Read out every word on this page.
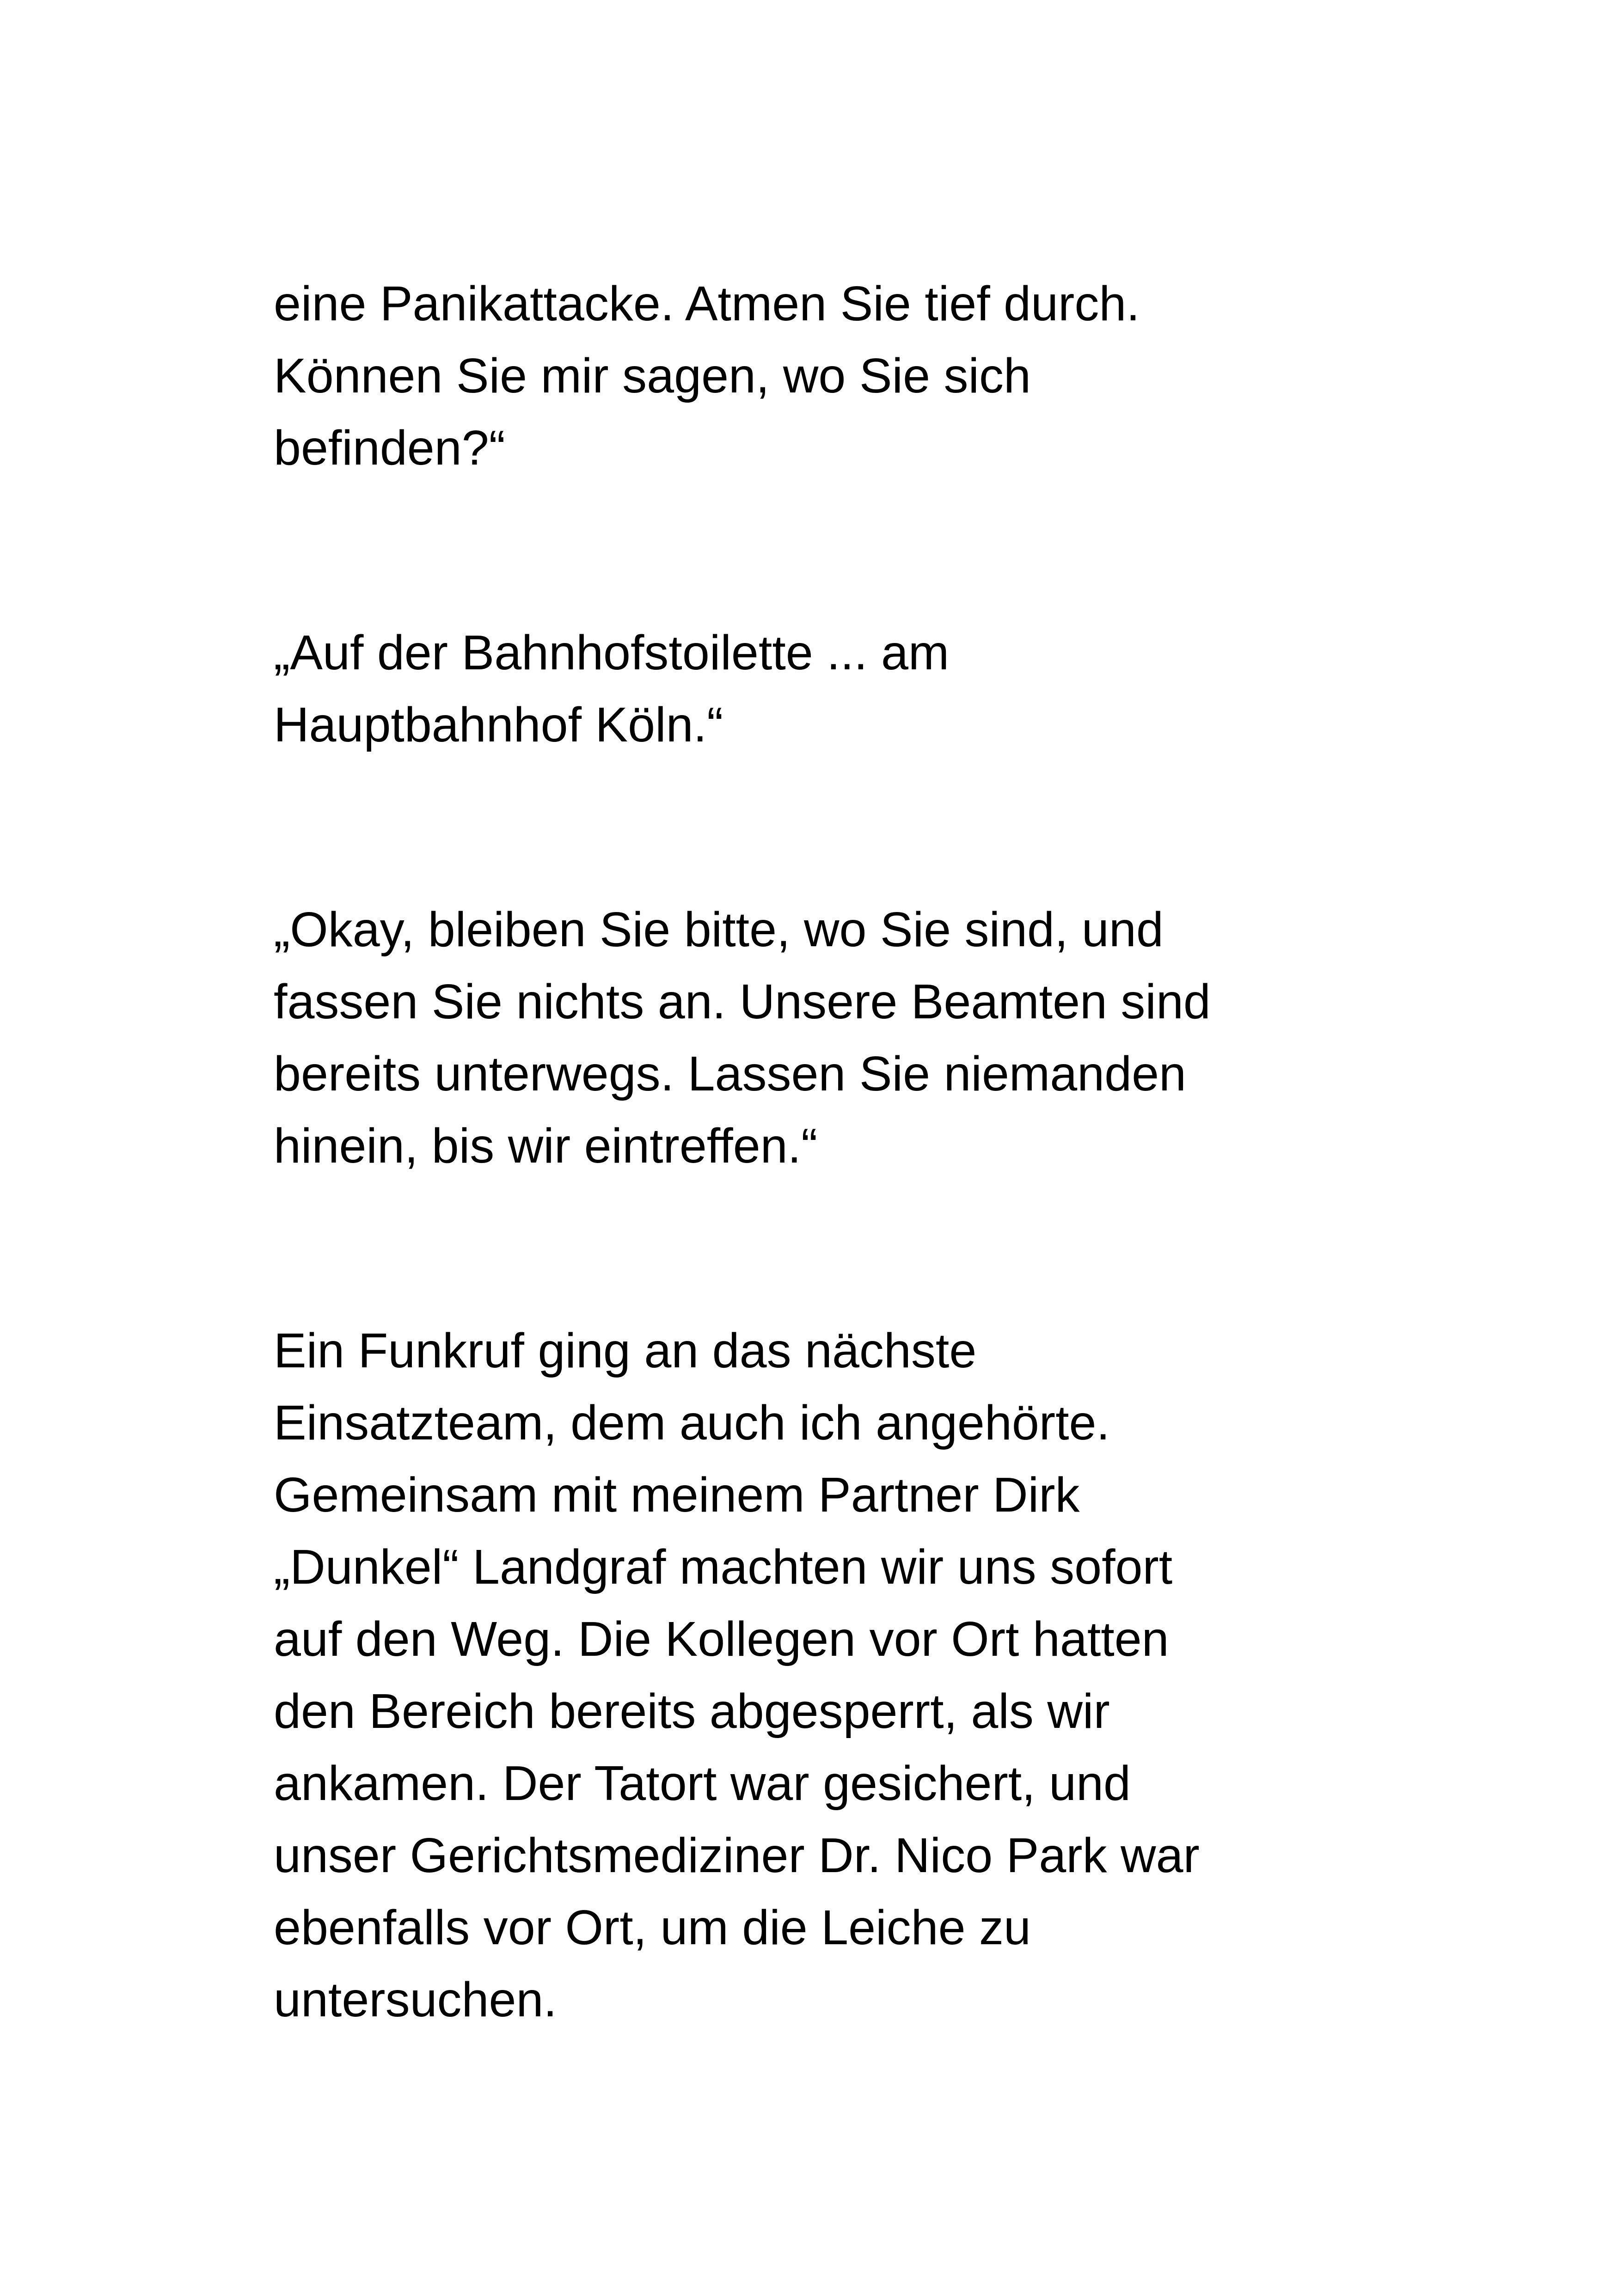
eine Panikattacke. Atmen Sie tief durch.

Können Sie mir sagen, wo Sie sich

befinden?“

„Auf der Bahnhofstoilette ... am

Hauptbahnhof Köln.“

„Okay, bleiben Sie bitte, wo Sie sind, und

fassen Sie nichts an. Unsere Beamten sind

bereits unterwegs. Lassen Sie niemanden

hinein, bis wir eintreffen.“

Ein Funkruf ging an das nächste

Einsatzteam, dem auch ich angehörte.

Gemeinsam mit meinem Partner Dirk

„Dunkel“ Landgraf machten wir uns sofort

auf den Weg. Die Kollegen vor Ort hatten

den Bereich bereits abgesperrt, als wir

ankamen. Der Tatort war gesichert, und

unser Gerichtsmediziner Dr. Nico Park war

ebenfalls vor Ort, um die Leiche zu

untersuchen.
